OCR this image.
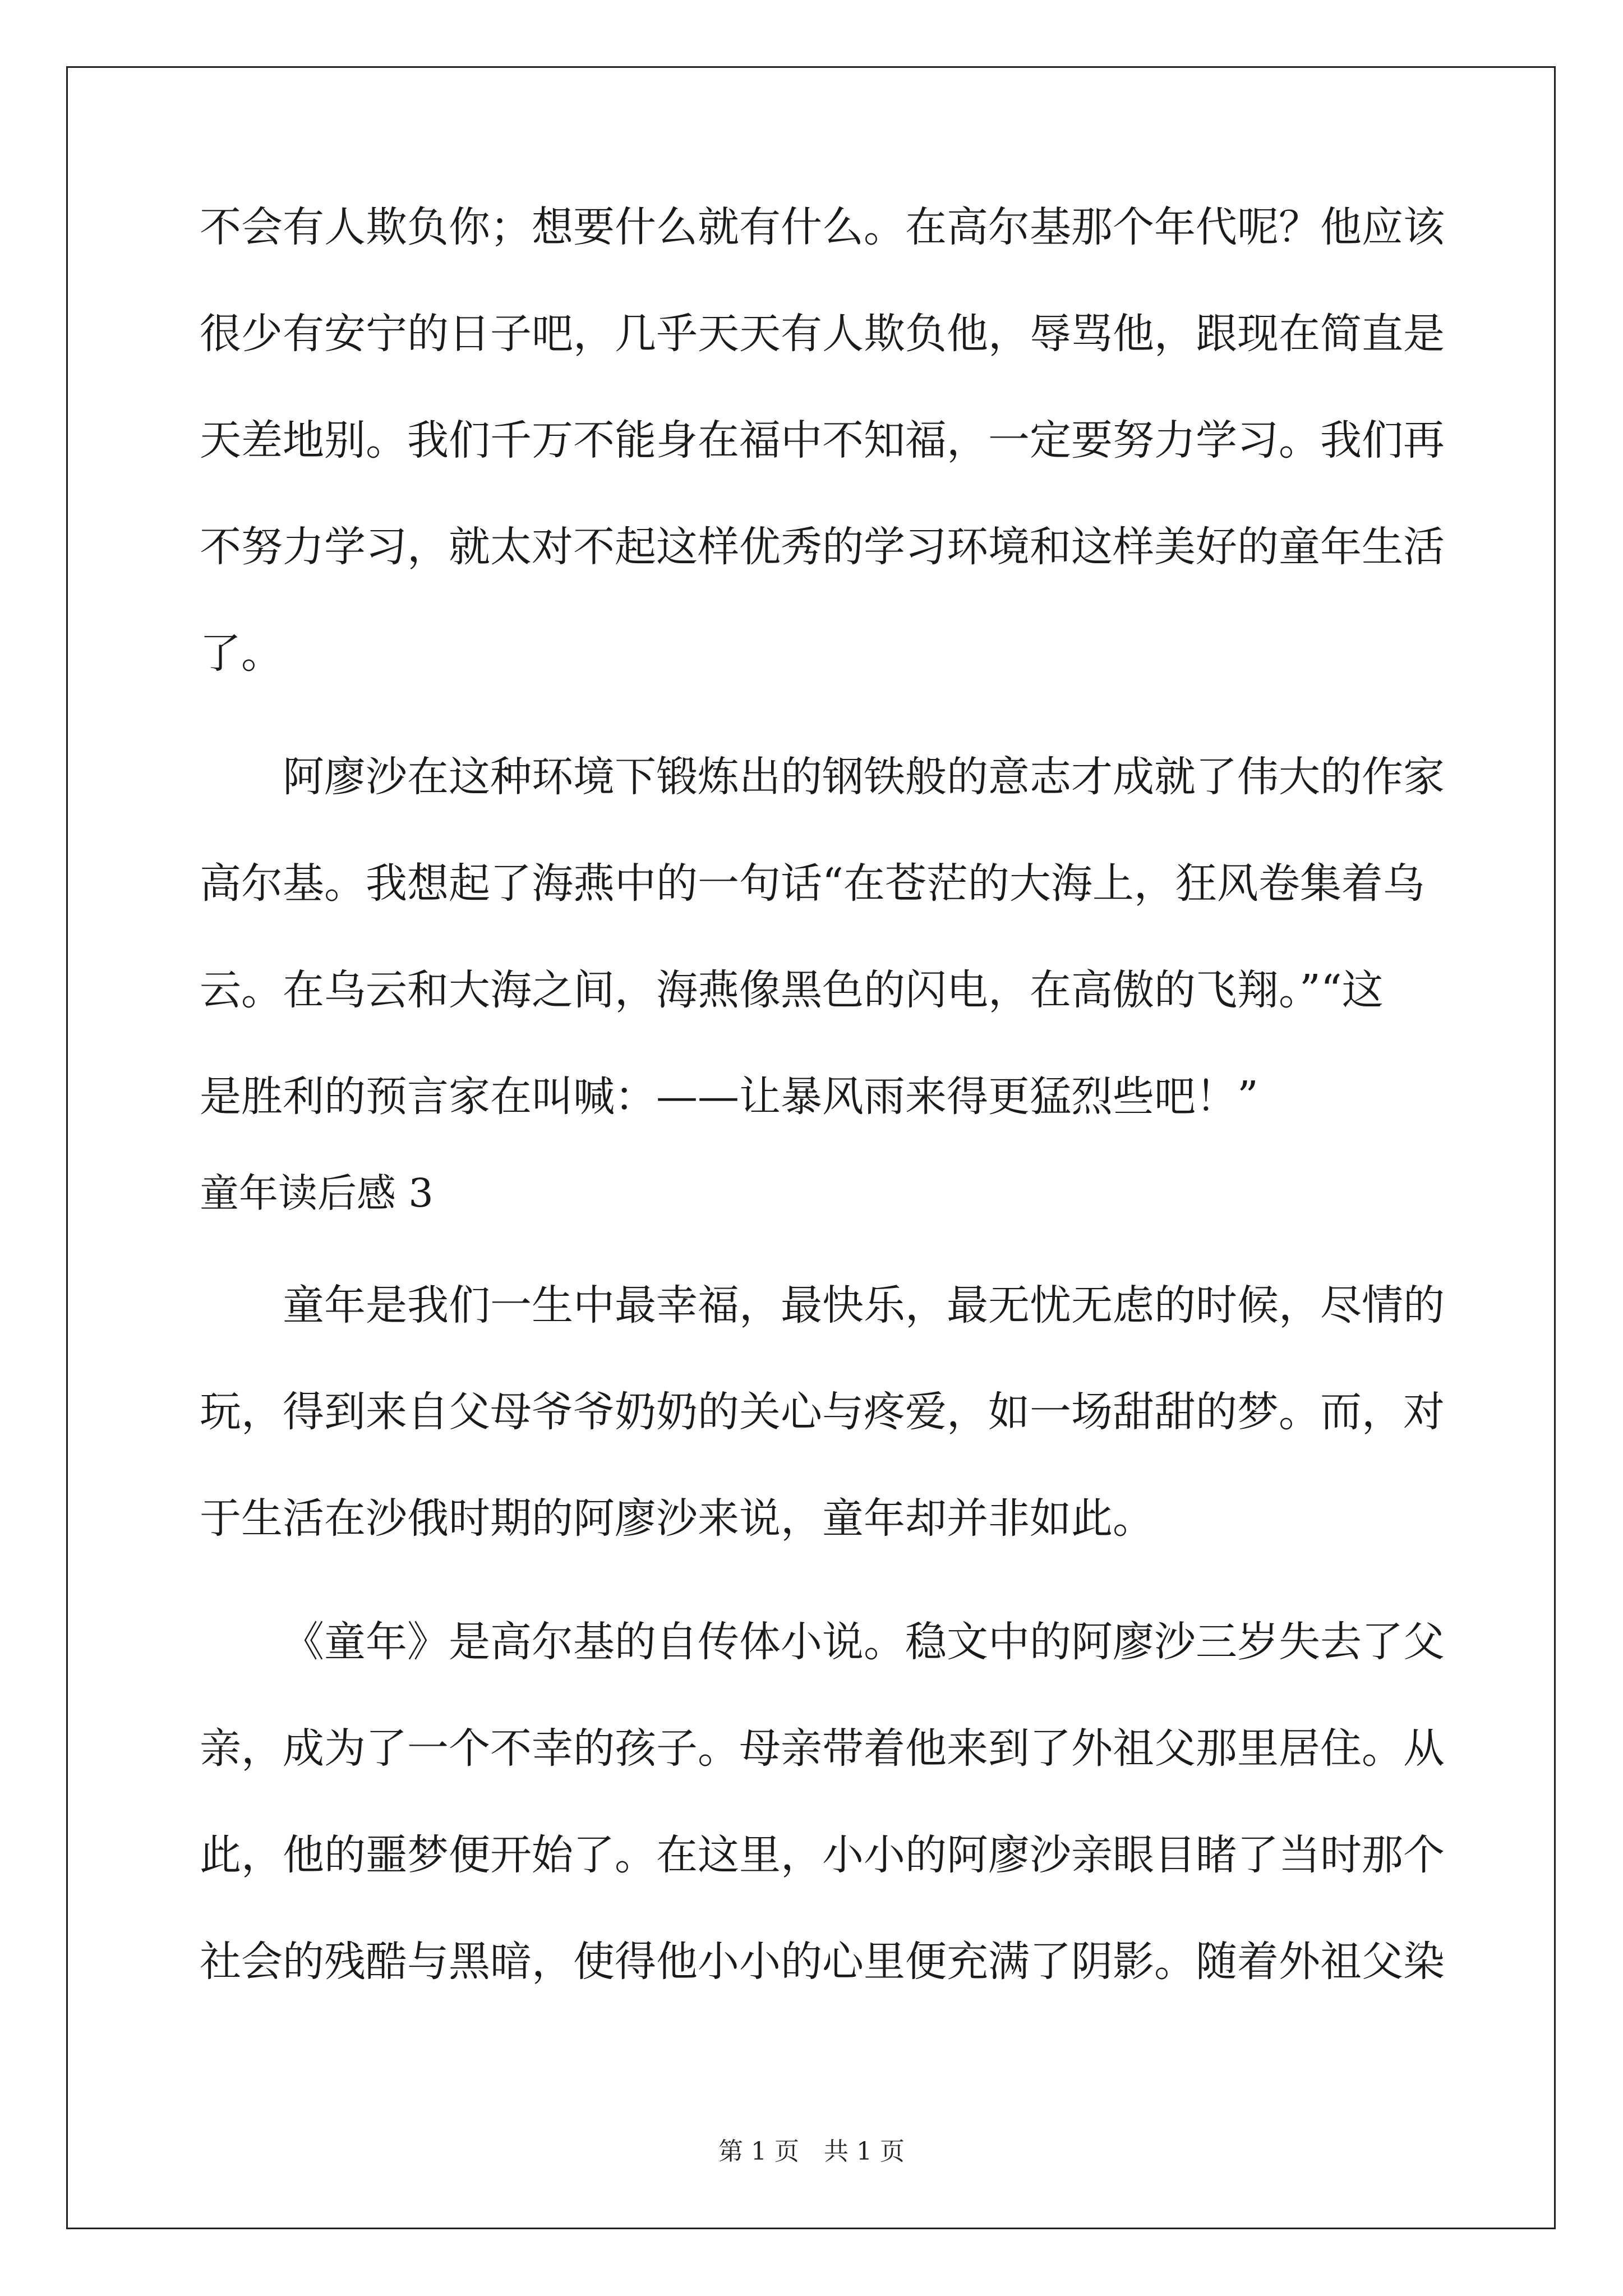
不会有人欺负你；想要什么就有什么。在高尔基那个年代呢？他应该
很少有安宁的日子吧，几乎天天有人欺负他，辱骂他，跟现在简直是
天差地别。我们千万不能身在福中不知福，一定要努力学习。我们再
不努力学习，就太对不起这样优秀的学习环境和这样美好的童年生活
了。
阿廖沙在这种环境下锻炼出的钢铁般的意志才成就了伟大的作家
高尔基。我想起了海燕中的一句话“在苍茫的大海上，狂风卷集着乌
云。在乌云和大海之间，海燕像黑色的闪电，在高傲的飞翔。”“这
是胜利的预言家在叫喊：——让暴风雨来得更猛烈些吧！”
童年读后感 3
童年是我们一生中最幸福，最快乐，最无忧无虑的时候，尽情的
玩，得到来自父母爷爷奶奶的关心与疼爱，如一场甜甜的梦。而，对
于生活在沙俄时期的阿廖沙来说，童年却并非如此。
《童年》是高尔基的自传体小说。稳文中的阿廖沙三岁失去了父
亲，成为了一个不幸的孩子。母亲带着他来到了外祖父那里居住。从
此，他的噩梦便开始了。在这里，小小的阿廖沙亲眼目睹了当时那个
社会的残酷与黑暗，使得他小小的心里便充满了阴影。随着外祖父染
第 1 页　共 1 页
